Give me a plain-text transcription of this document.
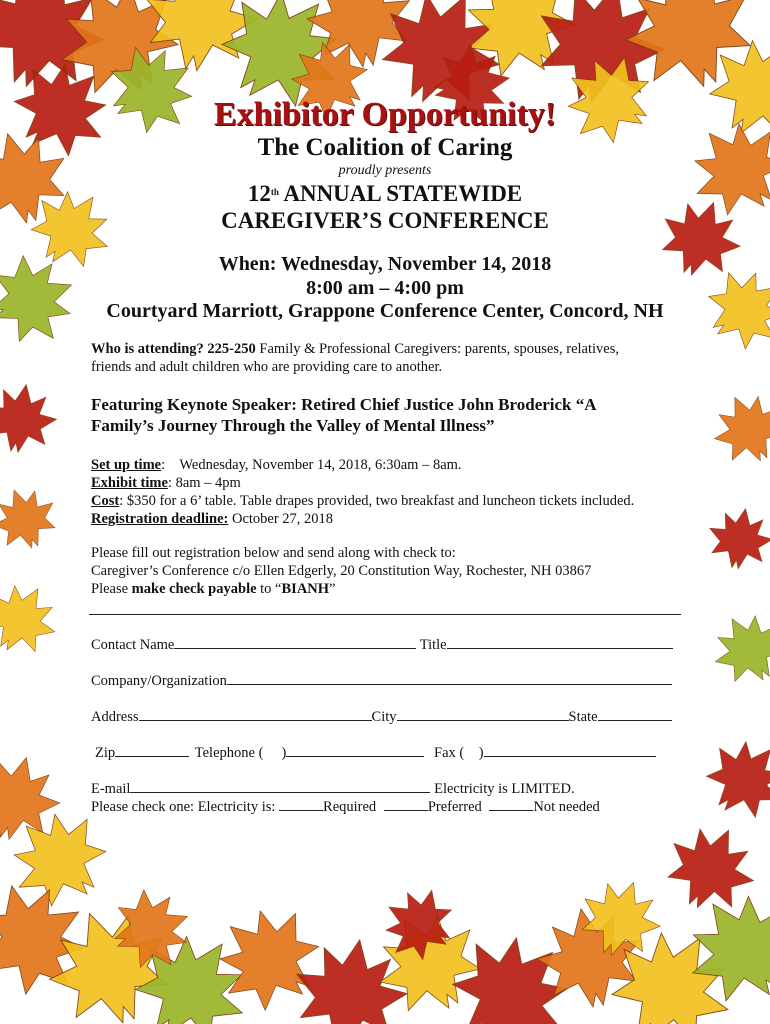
Exhibitor Opportunity!
The Coalition of Caring
proudly presents
12th ANNUAL STATEWIDE
CAREGIVER’S CONFERENCE
When: Wednesday, November 14, 2018
8:00 am – 4:00 pm
Courtyard Marriott, Grappone Conference Center, Concord, NH
Who is attending? 225-250 Family & Professional Caregivers: parents, spouses, relatives,
friends and adult children who are providing care to another.
Featuring Keynote Speaker: Retired Chief Justice John Broderick “A
Family’s Journey Through the Valley of Mental Illness”
Set up time:    Wednesday, November 14, 2018, 6:30am – 8am.
Exhibit time: 8am – 4pm
Cost: $350 for a 6’ table. Table drapes provided, two breakfast and luncheon tickets included.
Registration deadline: October 27, 2018
Please fill out registration below and send along with check to:
Caregiver’s Conference c/o Ellen Edgerly, 20 Constitution Way, Rochester, NH 03867
Please make check payable to “BIANH”
Contact Name	Title
Company/Organization
Address	City	State
Zip	Telephone ( )	Fax ( )
E-mail	Electricity is LIMITED.
Please check one: Electricity is:	Required	Preferred	Not needed
